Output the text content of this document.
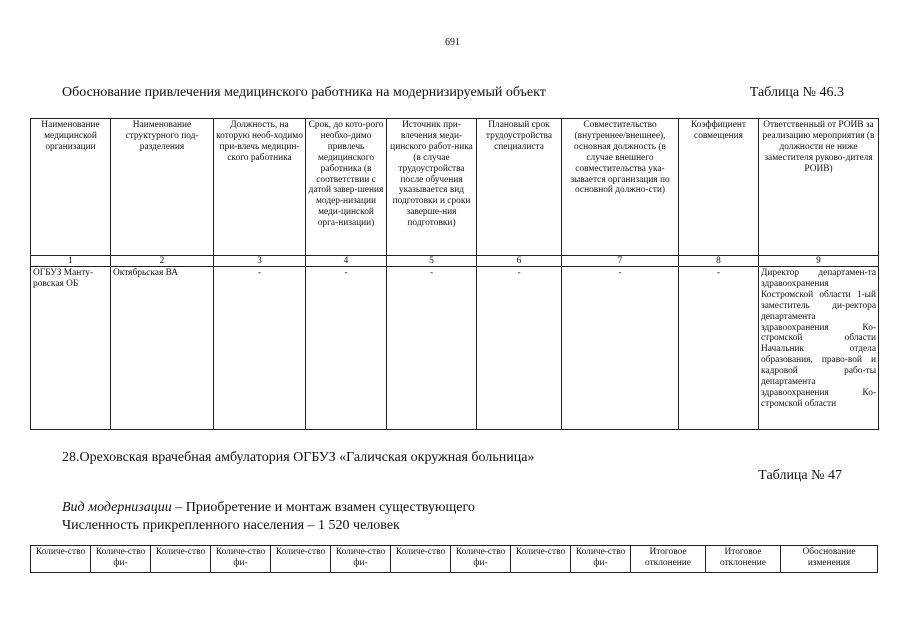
691
Обоснование привлечения медицинского работника на модернизируемый объект	Таблица № 46.3
Наименование медицинской организации	Наименование структурного под-разделения	Должность, на которую необ-ходимо при-влечь медицин-ского работника	Срок, до кото-рого необхо-димо привлечь медицинского работника (в соответствии с датой завер-шения модер-низации меди-цинской орга-низации)	Источник при-влечения меди-цинского работ-ника (в случае трудоустройства после обучения указывается вид подготовки и сроки заверше-ния подготовки)	Плановый срок трудоустройства специалиста	Совместительство (внутреннее/внешнее), основная должность (в случае внешнего совместительства ука-зывается организация по основной должно-сти)	Коэффициент совмещения	Ответственный от РОИВ за реализацию мероприятия (в должности не ниже заместителя руково-дителя РОИВ)
1	2	3	4	5	6	7	8	9
ОГБУЗ Манту-ровская ОБ	Октябрьская ВА	-	-	-	-	-	-	Директор департамен-та здравоохранения Костромской области 1-ый заместитель ди-ректора департамента здравоохранения Ко-стромской области Начальник отдела образования, право-вой и кадровой рабо-ты департамента здравоохранения Ко-стромской области
28.Ореховская врачебная амбулатория ОГБУЗ «Галичская окружная больница»
Таблица № 47
Вид модернизации – Приобретение и монтаж взамен существующего
Численность прикрепленного населения – 1 520 человек
Количе-ство	Количе-ство фи-	Количе-ство	Количе-ство фи-	Количе-ство	Количе-ство фи-	Количе-ство	Количе-ство фи-	Количе-ство	Количе-ство фи-	Итоговое отклонение	Итоговое отклонение	Обоснование изменения
